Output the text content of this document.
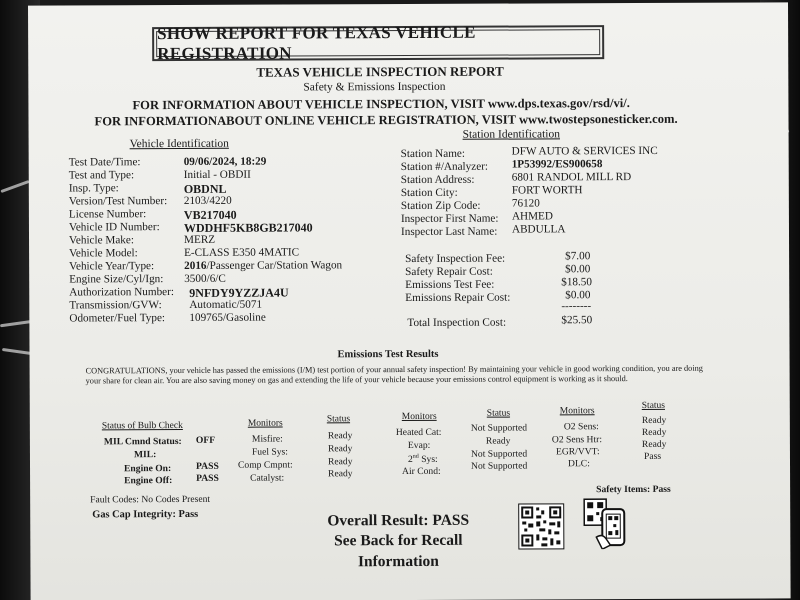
SHOW REPORT FOR TEXAS VEHICLE REGISTRATION
TEXAS VEHICLE INSPECTION REPORT
Safety & Emissions Inspection
FOR INFORMATION ABOUT VEHICLE INSPECTION, VISIT www.dps.texas.gov/rsd/vi/.
FOR INFORMATIONABOUT ONLINE VEHICLE REGISTRATION, VISIT www.twostepsonesticker.com.
Vehicle Identification
Station Identification
Test Date/Time:	09/06/2024, 18:29
Test and Type:	Initial - OBDII
Insp. Type:	OBDNL
Version/Test Number: 2103/4220
License Number:	VB217040
Vehicle ID Number: WDDHF5KB8GB217040
Vehicle Make:	MERZ
Vehicle Model:	E-CLASS E350 4MATIC
Vehicle Year/Type:	2016/Passenger Car/Station Wagon
Engine Size/Cyl/Ign: 3500/6/C
Authorization Number: 9NFDY9YZZJA4U
Transmission/GVW: Automatic/5071
Odometer/Fuel Type: 109765/Gasoline
Station Name:	DFW AUTO & SERVICES INC
Station #/Analyzer: 1P53992/ES900658
Station Address:	6801 RANDOL MILL RD
Station City:	FORT WORTH
Station Zip Code:	76120
Inspector First Name: AHMED
Inspector Last Name: ABDULLA
Safety Inspection Fee:	$7.00
Safety Repair Cost:	$0.00
Emissions Test Fee:	$18.50
Emissions Repair Cost:	$0.00
--------
Total Inspection Cost:	$25.50
Emissions Test Results
CONGRATULATIONS, your vehicle has passed the emissions (I/M) test portion of your annual safety inspection! By maintaining your vehicle in good working condition, you are doing
your share for clean air. You are also saving money on gas and extending the life of your vehicle because your emissions control equipment is working as it should.
Status of Bulb Check
MIL Cmnd Status: OFF
MIL:
Engine On:	PASS
Engine Off: PASS
Monitors	Status
Misfire:	Ready
Fuel Sys:	Ready
Comp Cmpnt:	Ready
Catalyst:	Ready
Monitors	Status
Heated Cat:	Not Supported
Evap:	Ready
2nd Sys:	Not Supported
Air Cond:	Not Supported
Monitors
Status
O2 Sens:
Ready
O2 Sens Htr:
Ready
EGR/VVT:
Ready
DLC:
Pass
Fault Codes: No Codes Present
Gas Cap Integrity: Pass
Safety Items: Pass
Overall Result: PASS
See Back for Recall
Information
